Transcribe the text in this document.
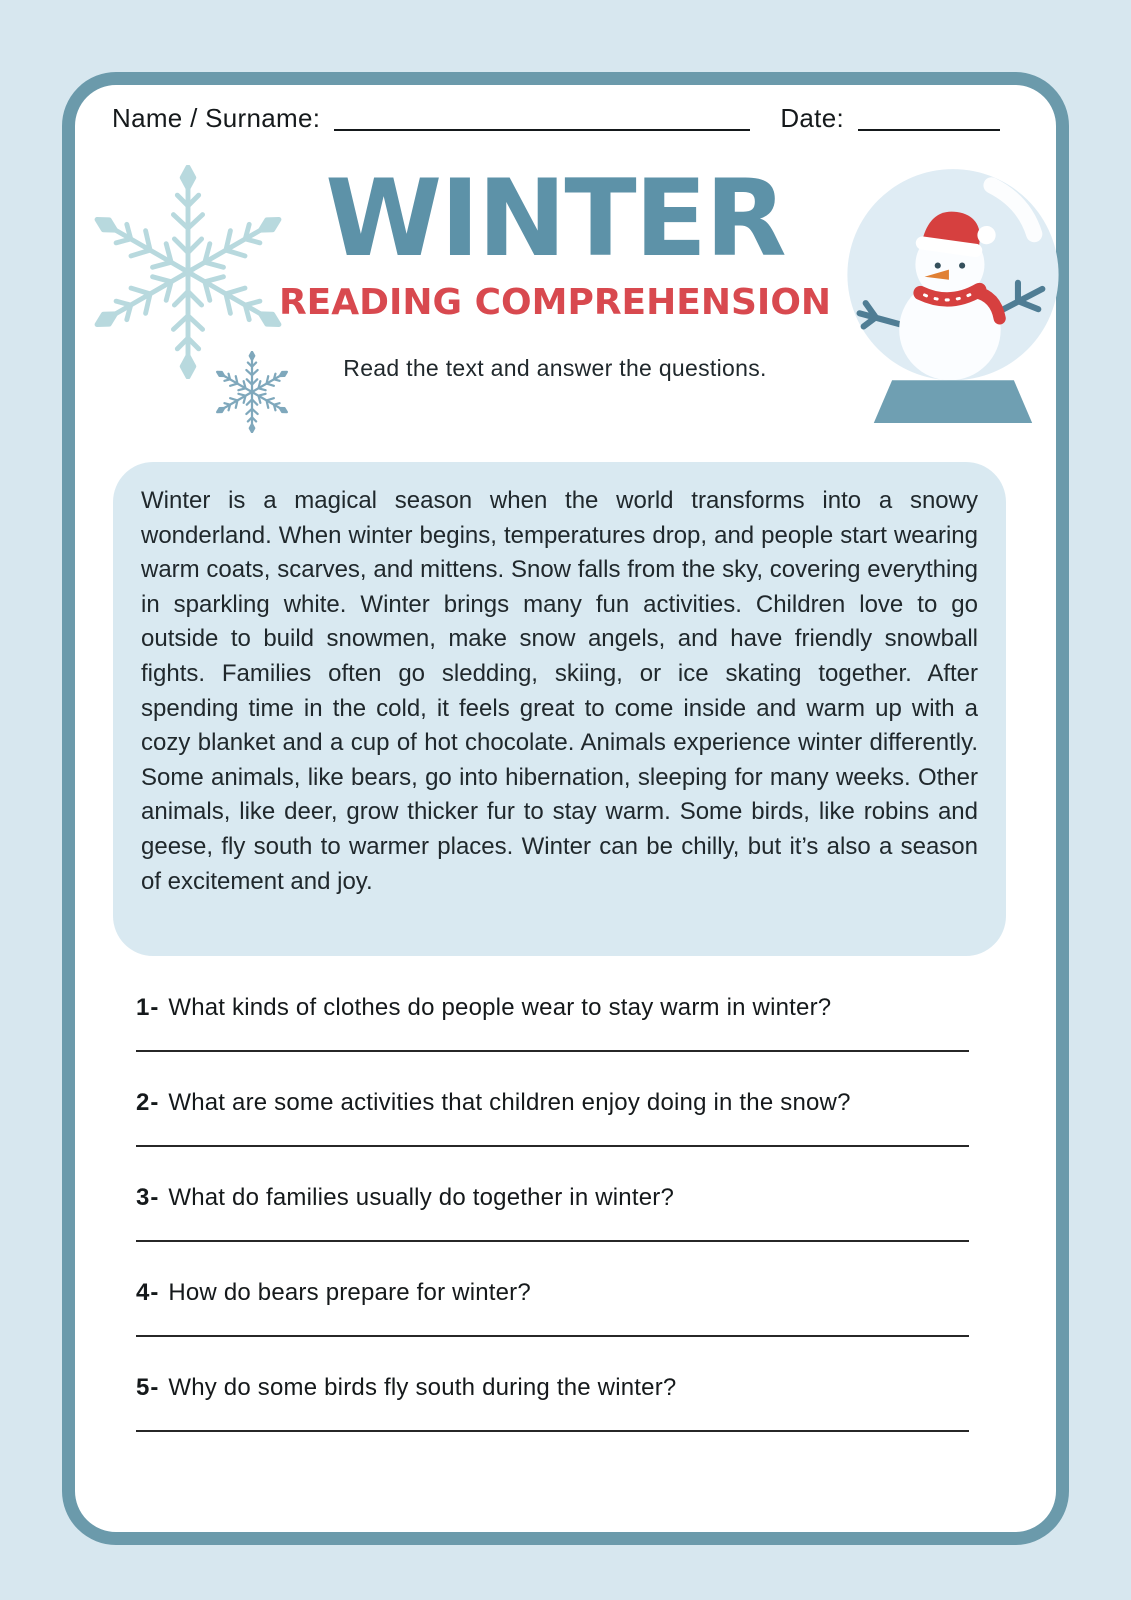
Name / Surname:	Date:
WINTER
READING COMPREHENSION
Read the text and answer the questions.
Winter is a magical season when the world transforms into a snowy wonderland. When winter begins, temperatures drop, and people start wearing warm coats, scarves, and mittens. Snow falls from the sky, covering everything in sparkling white. Winter brings many fun activities. Children love to go outside to build snowmen, make snow angels, and have friendly snowball fights. Families often go sledding, skiing, or ice skating together. After spending time in the cold, it feels great to come inside and warm up with a cozy blanket and a cup of hot chocolate. Animals experience winter differently. Some animals, like bears, go into hibernation, sleeping for many weeks. Other animals, like deer, grow thicker fur to stay warm. Some birds, like robins and geese, fly south to warmer places. Winter can be chilly, but it’s also a season of excitement and joy.

1- What kinds of clothes do people wear to stay warm in winter?

2- What are some activities that children enjoy doing in the snow?

3- What do families usually do together in winter?

4- How do bears prepare for winter?

5- Why do some birds fly south during the winter?
